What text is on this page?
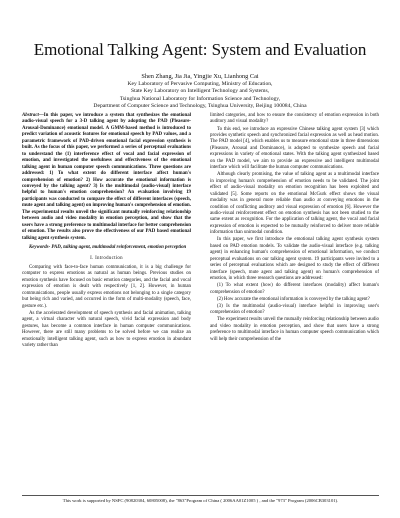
Emotional Talking Agent: System and Evaluation
Shen Zhang, Jia Jia, Yingjie Xu, Lianhong Cai
Key Laboratory of Pervasive Computing, Ministry of Education,
State Key Laboratory on Intelligent Technology and Systems,
Tsinghua National Laboratory for Information Science and Technology,
Department of Computer Science and Technology, Tsinghua University, Beijing 100084, China

Abstract—In this paper, we introduce a system that synthesizes the emotional audio-visual speech for a 3-D talking agent by adopting the PAD (Pleasure-Arousal-Dominance) emotional model. A GMM-based method is introduced to predict variation of acoustic features for emotional speech by PAD values, and a parametric framework of PAD-driven emotional facial expression synthesis is built. As the focus of this paper, we performed a series of perceptual evaluations to understand the (1) interference effect of vocal and facial expression of emotion, and investigated the usefulness and effectiveness of the emotional talking agent in human computer speech communications. Three questions are addressed: 1) To what extent do different interface affect human's comprehension of emotion? 2) How accurate the emotional information is conveyed by the talking agent? 3) Is the multimodal (audio-visual) interface helpful to human's emotion comprehension? An evaluation involving 19 participants was conducted to compare the effect of different interfaces (speech, mute agent and talking agent) on improving human's comprehension of emotion. The experimental results unveil the significant mutually reinforcing relationship between audio and video modality in emotion perception, and show that the users have a strong preference to multimodal interface for better comprehension of emotion. The results also prove the effectiveness of our PAD based emotional talking agent synthesis system.

Keywords- PAD, talking agent, multimodal reinforcement, emotion perception

I. Introduction

Comparing with face-to-face human communication, it is a big challenge for computer to express emotions as natural as human beings. Previous studies on emotion synthesis have focused on basic emotion categories, and the facial and vocal expression of emotion is dealt with respectively [1, 2]. However, in human communications, people usually express emotions not belonging to a single category but being rich and varied, and occurred in the form of multi-modality (speech, face, gesture etc.).

As the accelerated development of speech synthesis and facial animation, talking agent, a virtual character with natural speech, vivid facial expression and body gestures, has become a common interface in human computer communications. However, there are still many problems to be solved before we can realize an emotionally intelligent talking agent, such as how to express emotion in abundant variety rather than

limited categories, and how to ensure the consistency of emotion expression in both auditory and visual modality?

To this end, we introduce an expressive Chinese talking agent system [3] which provides synthetic speech and synchronized facial expression as well as head motion. The PAD model [4], which enables us to measure emotional state in three dimensions (Pleasure, Arousal and Dominance), is adopted to synthesize speech and facial expressions in variety of emotional states. With the talking agent synthesized based on the PAD model, we aim to provide an expressive and intelligent multimodal interface which will facilitate the human computer communications.

Although clearly promising, the value of talking agent as a multimodal interface in improving human's comprehension of emotion needs to be validated. The joint effect of audio-visual modality on emotion recognition has been exploited and validated [5]. Some reports on the emotional McGurk effect shows the visual modality was in general more reliable than audio at conveying emotions in the condition of conflicting auditory and visual expression of emotion [6]. However the audio-visual reinforcement effect on emotion synthesis has not been studied to the same extent as recognition. For the application of talking agent, the vocal and facial expression of emotion is expected to be mutually reinforced to deliver more reliable information than unimodal condition.

In this paper, we first introduce the emotional talking agent synthesis system based on PAD emotion models. To validate the audio-visual interface (e.g. talking agent) in enhancing human's comprehension of emotional information, we conduct perceptual evaluations on our talking agent system. 19 participants were invited to a series of perceptual evaluations which are designed to study the effect of different interface (speech, mute agent and talking agent) on human's comprehension of emotion, in which three research questions are addressed:

(1) To what extent (how) do different interfaces (modality) affect human's comprehension of emotion?

(2) How accurate the emotional information is conveyed by the talking agent?

(3) Is the multimodal (audio-visual) interface helpful in improving user's comprehension of emotion?

The experiment results unveil the mutually reinforcing relationship between audio and video modality in emotion perception, and show that users have a strong preference to multimodal interface in human computer speech communication which will help their comprehension of the

This work is supported by NSFC (90820304, 60805008), the "863"Program of China ( 2006AA01Z1005 ) , and the "973" Program (2006CB303101).
